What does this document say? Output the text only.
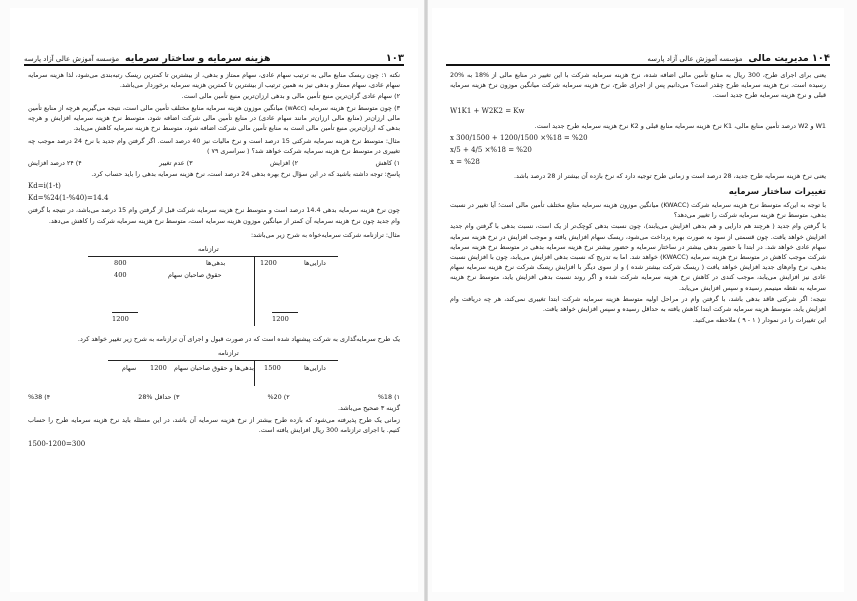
۱۰۳
هزینه سرمایه و ساختار سرمایه مؤسسه آموزش عالی آزاد پارسه

نکته ۱: چون ریسک منابع مالی به ترتیب سهام عادی، سهام ممتاز و بدهی، از بیشترین تا کمترین ریسک رتبه‌بندی می‌شود، لذا هزینه سرمایه سهام عادی، سهام ممتاز و بدهی نیز به همین ترتیب از بیشترین تا کمترین هزینه سرمایه برخوردار می‌باشد.

۲) سهام عادی گران‌ترین منبع تأمین مالی و بدهی ارزان‌ترین منبع تأمین مالی است.

۳) چون متوسط نرخ هزینه سرمایه (wAcc) میانگین موزون هزینه سرمایه منابع مختلف تأمین مالی است، نتیجه می‌گیریم هرچه از منابع تأمین مالی ارزان‌تر (منابع مالی ارزان‌تر مانند سهام عادی) در منابع تأمین مالی شرکت اضافه شود، متوسط نرخ هزینه سرمایه افزایش و هرچه بدهی که ارزان‌ترین منبع تأمین مالی است به منابع تأمین مالی شرکت اضافه شود، متوسط نرخ هزینه سرمایه کاهش می‌یابد.

مثال: متوسط نرخ هزینه سرمایه شرکتی 15 درصد است و نرخ مالیات نیز 40 درصد است. اگر گرفتن وام جدید با نرخ 24 درصد موجب چه تغییری در متوسط نرخ هزینه سرمایه شرکت خواهد شد؟ ( سراسری ۷۹ )

۱) کاهش
۲) افزایش
۳) عدم تغییر
۴) ۲۴ درصد افزایش

پاسخ: توجه داشته باشید که در این سؤال نرخ بهره بدهی 24 درصد است، نرخ هزینه سرمایه بدهی را باید حساب کرد.

Kd=i(1-t)
Kd=%24(1-%40)=14.4

چون نرخ هزینه سرمایه بدهی 14.4 درصد است و متوسط نرخ هزینه سرمایه شرکت قبل از گرفتن وام 15 درصد می‌باشد، در نتیجه با گرفتن وام جدید چون نرخ هزینه سرمایه آن کمتر از میانگین موزون هزینه سرمایه است، متوسط نرخ هزینه سرمایه شرکت را کاهش می‌دهد.

مثال: ترازنامه شرکت سرمایه‌خواه به شرح زیر می‌باشد:

ترازنامه
دارایی‌ها
1200
بدهی‌ها
800
حقوق صاحبان سهام
400
1200	1200

یک طرح سرمایه‌گذاری به شرکت پیشنهاد شده است که در صورت قبول و اجرای آن ترازنامه به شرح زیر تغییر خواهد کرد.

ترازنامه
دارایی‌ها
1500
بدهی‌ها و حقوق صاحبان سهام
1200
سهام
۱) %18
۲) %20
۳) حداقل %28
۴) %38

گزینه ۳ صحیح می‌باشد.

زمانی یک طرح پذیرفته می‌شود که بازده طرح بیشتر از نرخ هزینه سرمایه آن باشد، در این مسئله باید نرخ هزینه سرمایه طرح را حساب کنیم. با اجرای ترازنامه 300 ریال افزایش یافته است.

1500-1200=300
۱۰۴ مدیریت مالی مؤسسه آموزش عالی آزاد پارسه

یعنی برای اجرای طرح، 300 ریال به منابع تأمین مالی اضافه شده، نرخ هزینه سرمایه شرکت با این تغییر در منابع مالی از %18 به %20 رسیده است. نرخ هزینه سرمایه طرح چقدر است؟ می‌دانیم پس از اجرای طرح، نرخ هزینه سرمایه شرکت میانگین موزون نرخ هزینه سرمایه قبلی و نرخ هزینه سرمایه طرح جدید است.

W1K1 + W2K2 = Kw

W1 و W2 درصد تأمین منابع مالی، K1 نرخ هزینه سرمایه منابع قبلی و K2 نرخ هزینه سرمایه طرح جدید است.

x 300/1500 + 1200/1500 ×%18 = %20
x/5 + 4/5 ×%18 = %20
x = %28

یعنی نرخ هزینه سرمایه طرح جدید، 28 درصد است و زمانی طرح توجیه دارد که نرخ بازده آن بیشتر از 28 درصد باشد.

تغییرات ساختار سرمایه

با توجه به این‌که متوسط نرخ هزینه سرمایه شرکت (KWACC) میانگین موزون هزینه سرمایه منابع مختلف تأمین مالی است؛ آیا تغییر در نسبت بدهی، متوسط نرخ هزینه سرمایه شرکت را تغییر می‌دهد؟

با گرفتن وام جدید ( هرچند هم دارایی و هم بدهی افزایش می‌یابند)، چون نسبت بدهی کوچک‌تر از یک است، نسبت بدهی با گرفتن وام جدید افزایش خواهد یافت. چون قسمتی از سود به صورت بهره پرداخت می‌شود، ریسک سهام افزایش یافته و موجب افزایش در نرخ هزینه سرمایه سهام عادی خواهد شد. در ابتدا با حضور بدهی بیشتر در ساختار سرمایه و حضور بیشتر نرخ هزینه سرمایه بدهی در متوسط نرخ هزینه سرمایه شرکت موجب کاهش در متوسط نرخ هزینه سرمایه (KWACC) خواهد شد. اما به تدریج که نسبت بدهی افزایش می‌یابد، چون با افزایش نسبت بدهی، نرخ وام‌های جدید افزایش خواهد یافت ( ریسک شرکت بیشتر شده ) و از سوی دیگر با افزایش ریسک شرکت نرخ هزینه سرمایه سهام عادی نیز افزایش می‌یابد، موجب کندی در کاهش نرخ هزینه سرمایه شرکت شده و اگر روند نسبت بدهی افزایش یابد، متوسط نرخ هزینه سرمایه به نقطه مینیمم رسیده و سپس افزایش می‌یابد.

نتیجه: اگر شرکتی فاقد بدهی باشد، با گرفتن وام در مراحل اولیه متوسط هزینه سرمایه شرکت ابتدا تغییری نمی‌کند، هر چه دریافت وام افزایش یابد، متوسط هزینه سرمایه شرکت ابتدا کاهش یافته به حداقل رسیده و سپس افزایش خواهد یافت.

این تغییرات را در نمودار ( ۱ - ۹ ) ملاحظه می‌کنید.
